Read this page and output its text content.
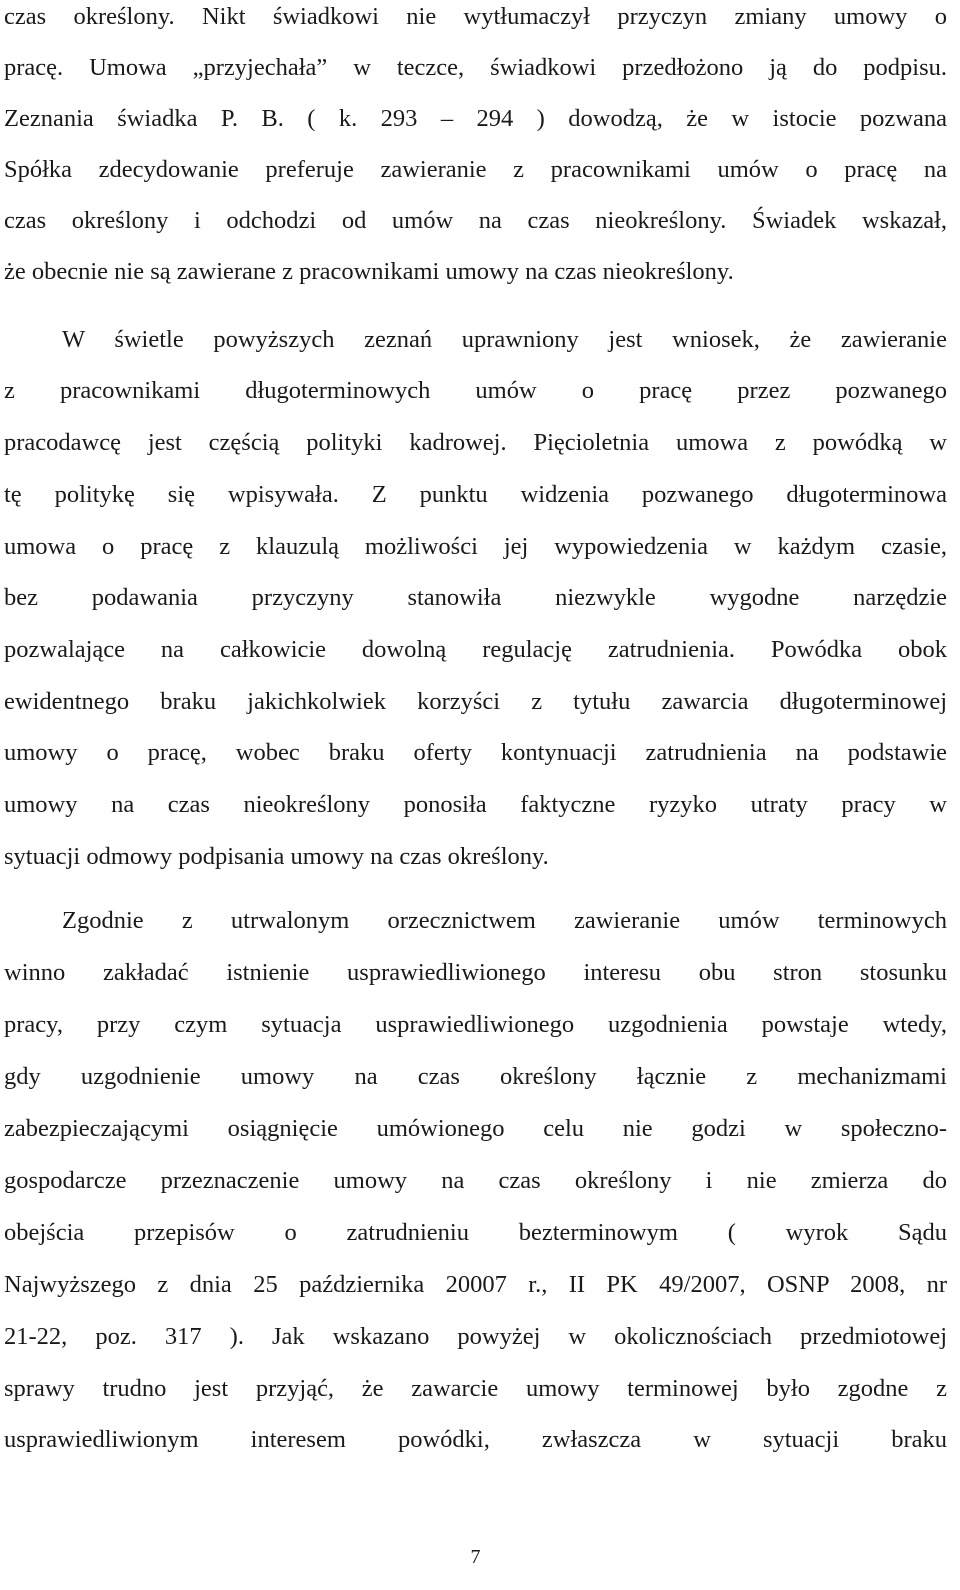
czas określony. Nikt świadkowi nie wytłumaczył przyczyn zmiany umowy o

pracę. Umowa „przyjechała” w teczce, świadkowi przedłożono ją do podpisu.

Zeznania świadka P. B. ( k. 293 – 294 ) dowodzą, że w istocie pozwana

Spółka zdecydowanie preferuje zawieranie z pracownikami umów o pracę na

czas określony i odchodzi od umów na czas nieokreślony. Świadek wskazał,

że obecnie nie są zawierane z pracownikami umowy na czas nieokreślony.

W świetle powyższych zeznań uprawniony jest wniosek, że zawieranie

z pracownikami długoterminowych umów o pracę przez pozwanego

pracodawcę jest częścią polityki kadrowej. Pięcioletnia umowa z powódką w

tę politykę się wpisywała. Z punktu widzenia pozwanego długoterminowa

umowa o pracę z klauzulą możliwości jej wypowiedzenia w każdym czasie,

bez podawania przyczyny stanowiła niezwykle wygodne narzędzie

pozwalające na całkowicie dowolną regulację zatrudnienia. Powódka obok

ewidentnego braku jakichkolwiek korzyści z tytułu zawarcia długoterminowej

umowy o pracę, wobec braku oferty kontynuacji zatrudnienia na podstawie

umowy na czas nieokreślony ponosiła faktyczne ryzyko utraty pracy w

sytuacji odmowy podpisania umowy na czas określony.

Zgodnie z utrwalonym orzecznictwem zawieranie umów terminowych

winno zakładać istnienie usprawiedliwionego interesu obu stron stosunku

pracy, przy czym sytuacja usprawiedliwionego uzgodnienia powstaje wtedy,

gdy uzgodnienie umowy na czas określony łącznie z mechanizmami

zabezpieczającymi osiągnięcie umówionego celu nie godzi w społeczno-

gospodarcze przeznaczenie umowy na czas określony i nie zmierza do

obejścia przepisów o zatrudnieniu bezterminowym ( wyrok Sądu

Najwyższego z dnia 25 października 20007 r., II PK 49/2007, OSNP 2008, nr

21-22, poz. 317 ). Jak wskazano powyżej w okolicznościach przedmiotowej

sprawy trudno jest przyjąć, że zawarcie umowy terminowej było zgodne z

usprawiedliwionym interesem powódki, zwłaszcza w sytuacji braku

7
